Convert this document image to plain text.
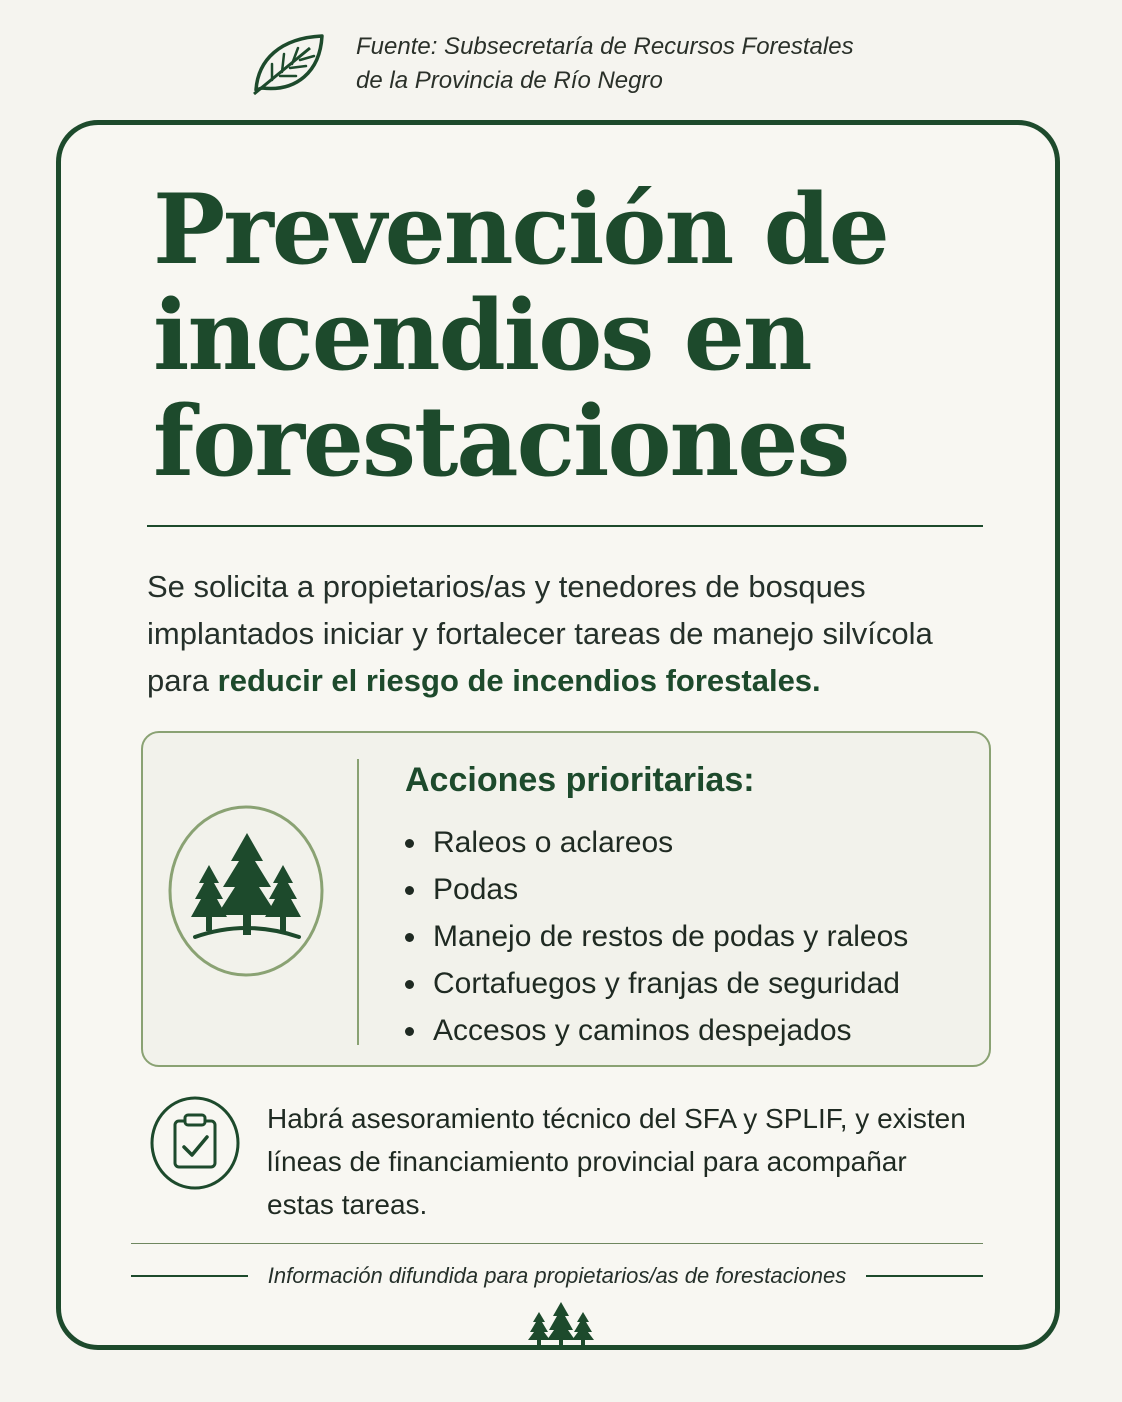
Fuente: Subsecretaría de Recursos Forestales
de la Provincia de Río Negro
Prevención de
incendios en
forestaciones

Se solicita a propietarios/as y tenedores de bosques implantados iniciar y fortalecer tareas de manejo silvícola para reducir el riesgo de incendios forestales.

Acciones prioritarias:
Raleos o aclareos
Podas
Manejo de restos de podas y raleos
Cortafuegos y franjas de seguridad
Accesos y caminos despejados
Habrá asesoramiento técnico del SFA y SPLIF, y existen líneas de financiamiento provincial para acompañar estas tareas.
Información difundida para propietarios/as de forestaciones
